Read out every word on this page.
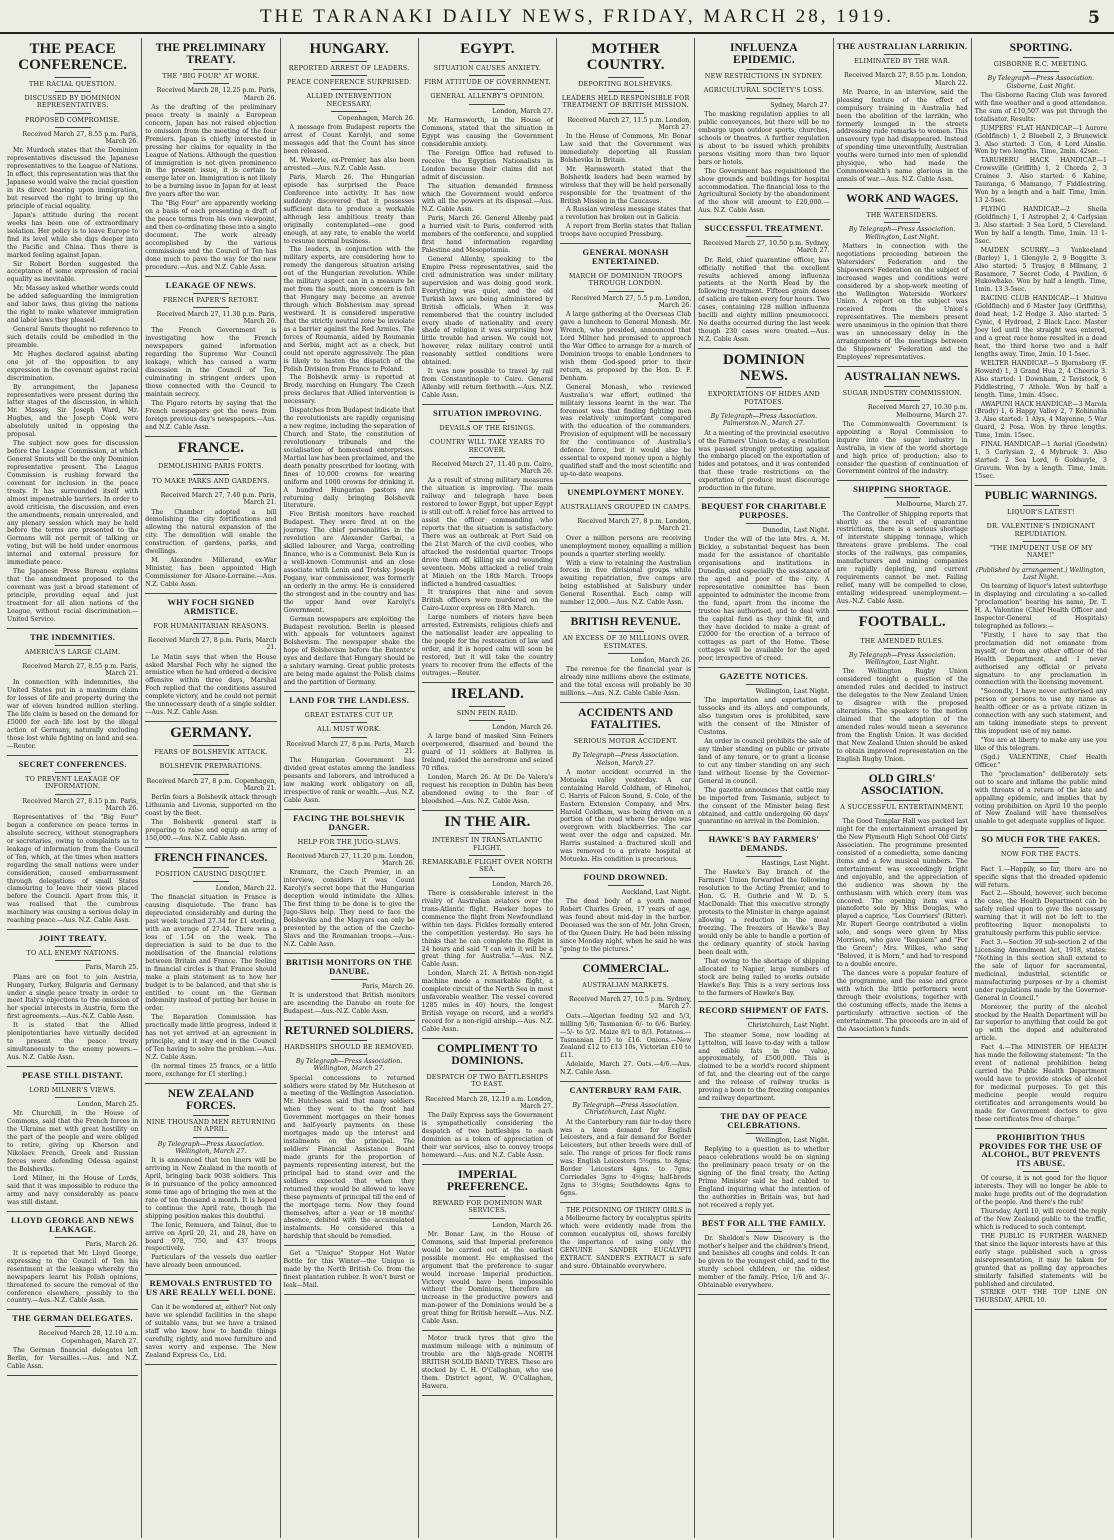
THE TARANAKI DAILY NEWS, FRIDAY, MARCH 28, 1919.	5
THE PEACE CONFERENCE.
THE RACIAL QUESTION.
DISCUSSED BY DOMINION REPRESENTATIVES.
PROPOSED COMPROMISE.
Received March 27, 8.55 p.m. Paris, March 26.

Mr. Murdoch states that the Dominion representatives discussed the Japanese representatives to the League of Nations. In effect, this representation was that the Japanese would waive the racial question in its direct bearing upon immigration, but reserved the right to bring up the principle of racial equality.

Japan's attitude during the recent weeks has been one of extraordinary isolation. Her policy is to leave Europe to find its level while she digs deeper into the Pacific and China. Thus there is marked feeling against Japan.

Sir Robert Borden suggested the acceptance of some expression of racial equality as inevitable.

Mr. Massey asked whether words could be added safeguarding the immigration and labor laws, thus giving the nations the right to make whatever immigration and labor laws they pleased.

General Smuts thought no reference to such details could be embodied in the preamble.

Mr. Hughes declared against abating one jot of the opposition to any expression in the covenant against racial discrimination.

By arrangement, the Japanese representatives were present during the latter stages of the discussion, in which Mr. Massey, Sir Joseph Ward, Mr. Hughes, and the Joseph Cook were absolutely united in opposing the proposal.

The subject now goes for discussion before the League Commission, at which General Smuts will be the only Dominion representative present. The League Commission is rushing forward the covenant for inclusion in the peace treaty. It has surrounded itself with almost impenetrable barriers. In order to avoid criticism, the discussion, and even the amendments, remain unrevealed, and any plenary session which may be held before the terms are presented to the Germans will not permit of talking or voting, but will be held under enormous internal and external pressure for immediate peace.

The Japanese Press Bureau explains that the amendment proposed to the covenant was just a broad statement of principle, providing equal and just treatment for all alien nations of the League, without racial discrimination.—United Service.

THE INDEMNITIES.
AMERICA'S LARGE CLAIM.
Received March 27, 8.55 p.m. Paris, March 21.

In connection with indemnities, the United States put in a maximum claim for losses of life and property during the war of eleven hundred million sterling. The life claim is based on the demand for £5000 for each life lost by the illegal action of Germany, naturally excluding those lost while fighting on land and sea.—Reuter.

SECRET CONFERENCES.
TO PREVENT LEAKAGE OF INFORMATION.
Received March 27, 8.15 p.m. Paris, March 26.

Representatives of the "Big Four" began a conference on peace terms in absolute secrecy, without stenographers or secretaries, owing to complaints as to leakage of information from the Council of Ten, which, at the times when matters regarding the small nations were under consideration, caused embarrassment through delegations of small States clamouring to leave their views placed before the Council. Apart from this, it was realised that the cumbrous machinery was causing a serious delay in reaching peace.—Aus. N.Z. Cable Assn.

JOINT TREATY.
TO ALL ENEMY NATIONS.
Paris, March 25.

Plans are on foot to join Austria, Hungary, Turkey, Bulgaria and Germany under a single peace treaty in order to meet Italy's objections to the omission of her special interests in Austria, form the first agreements.—Aus.-N.Z. Cable Assn.

It is stated that the Allied plenipotentiaries have virtually decided to present the peace treaty simultaneously to the enemy powers.—Aus. N.Z. Cable Assn.

PEASE STILL DISTANT.
LORD MILNER'S VIEWS.
London, March 25.

Mr. Churchill, in the House of Commons, said that the French forces in the Ukraine met with great hostility on the part of the people and were obliged to retire, giving up Kherson and Nikolaev. French, Greek and Russian forces were defending Odessa against the Bolsheviks.

Lord Milner, in the House of Lords, said that it was impossible to reduce the army and navy considerably as peace was still distant.

LLOYD GEORGE AND NEWS LEAKAGE.
Paris, March 26.

It is reported that Mr. Lloyd George, expressing to the Council of Ten his resentment at the leakage whereby the newspapers learnt his Polish opinions, threatened to secure the removal of the conference elsewhere, possibly to the country.—Aus.-N.Z. Cable Assn.

THE GERMAN DELEGATES.
Received March 28, 12.10 a.m. Copenhagen, March 27.

The German financial delegates left Berlin, for Versailles.—Aus. and N.Z. Cable Assn.

THE PRELIMINARY TREATY.
THE "BIG FOUR" AT WORK.
Received March 28, 12.25 p.m. Paris, March 26.

As the drafting of the preliminary peace treaty is mainly a European concern, Japan has not raised objection to omission from the meeting of the four Premiers. Japan is chiefly interested in pressing her claims for equality in the League of Nations. Although the question of immigration is not given prominence in the present issue, it is certain to emerge later on. Immigration is not likely to be a burning issue in Japan for at least five years after the war.

The "Big Four" are apparently working on a basis of each presenting a draft of the peace terms from his own viewpoint, and then co-ordinating these into a single document. The work already accomplished by the various commissions and the Council of Ten has done much to pave the way for the new procedure.—Aus. and N.Z. Cable Assn.

LEAKAGE OF NEWS.
FRENCH PAPER'S RETORT.
Received March 27, 11.30 p.m. Paris, March 26.

The French Government is investigating how the French newspapers gained information regarding the Supreme War Council leakage, which has caused a warm discussion in the Council of Ten, culminating in stringent orders upon those connected with the Council to maintain secrecy.

The Figaro retorts by saying that the French newspapers got the news from foreign previous day's newspapers.—Aus. and N.Z. Cable Assn.

FRANCE.
DEMOLISHING PARIS FORTS.
TO MAKE PARKS AND GARDENS.
Received March 27, 7.40 p.m. Paris, March 21.

The Chamber adopted a bill demolishing the city fortifications and allowing the natural expansion of the city. The demolition will enable the construction of gardens, parks, and dwellings.

M. Alexandre Millerand, ex-War Minister, has been appointed High Commissioner for Alsace-Lorraine.—Aus. N.Z. Cable Assn.

WHY FOCH SIGNED ARMISTICE.
FOR HUMANITARIAN REASONS.
Received March 27, 8 p.m. Paris, March 21.

Le Matin says that when the House asked Marshal Foch why he signed the armistice when he had ordered a decisive offensive within three days, Marshal Foch replied that the conditions assured complete victory, and he could not permit the unnecessary death of a single soldier.—Aus. N.Z. Cable Assn.

GERMANY.
FEARS OF BOLSHEVIK ATTACK.
BOLSHEVIK PREPARATIONS.
Received March 27, 8 p.m. Copenhagen, March 21.

Berlin fears a Bolshevik attack through Lithuania and Livonia, supported on the coast by the fleet.

The Bolshevik general staff is preparing to raise and equip an army of 150,000.—Aus. N.Z. Cable Assn.

FRENCH FINANCES.
POSITION CAUSING DISQUIET.
London, March 22.

The financial situation in France is causing disquietude. The franc has depreciated considerably and during the past week touched 27.34 for £1 sterling, with an average of 27.44. There was a loss of 1.54 on the week. The depreciation is said to be due to the mobilisation of the financial relations between Britain and France. The feeling in financial circles is that France should make a plain statement as to how her budget is to be balanced, and that she is entitled to count on the German indemnity instead of putting her house in order.

The Reparation Commission has practically made little progress, indeed it has not yet arrived at an agreement in principle, and it may end in the Council of Ten having to solve the problem.—Aus. N.Z. Cable Assn.

(In normal times 25 francs, or a little more, exchange for £1 sterling.)

NEW ZEALAND FORCES.
NINE THOUSAND MEN RETURNING IN APRIL.
By Telegraph—Press Association. Wellington, March 27.

It is announced that ten liners will be arriving in New Zealand in the month of April, bringing back 9038 soldiers. This is in pursuance of the policy announced some time ago of bringing the men at the rate of ten thousand a month. It is hoped to continue the April rate, though the shipping position makes this doubtful.

The Ionic, Remuera, and Tainui, due to arrive on April 20, 21, and 28, have on board 978, 750, and 437 troops respectively.

Particulars of the vessels due earlier have already been announced.

REMOVALS ENTRUSTED TO US ARE REALLY WELL DONE.

Can it be wondered at, either? Not only have we splendid facilities in the shape of suitable vans, but we have a trained staff who know how to handle things carefully, rightly, and move furniture and saves worry and expense. The New Zealand Express Co., Ltd.

HUNGARY.
REPORTED ARREST OF LEADERS.
PEACE CONFERENCE SURPRISED.
ALLIED INTERVENTION NECESSARY.
Copenhagen, March 26.

A message from Budapest reports the arrest of Count Karolyi, and some messages add that the Count has since been released.

M. Wekerle, ex-Premier, has also been arrested.—Aus. N.Z. Cable Assn.

Paris, March 26. The Hungarian episode has surprised the Peace Conference into activity. It has now suddenly discovered that it possesses sufficient data to produce a workable although less ambitious treaty than originally contemplated—one good enough, at any rate, to enable the world to resume normal business.

The leaders, in conjunction with the military experts, are considering how to remedy the dangerous situation arising out of the Hungarian revolution. While the military aspect can in a measure be met from the south, more concern is felt that Hungary may become an avenue through which Bolshevism may spread westward. It is considered imperative that the strictly neutral zone be inviolate as a barrier against the Red Armies. The forces of Roumania, aided by Roumania and Serbia, might act as a check, but could not operate aggressively. The plan is likely to hasten the dispatch of the Polish Division from France to Poland.

The Bolshevik army is reported at Brody, marching on Hungary. The Czech press declares that Allied intervention is necessary.

Dispatches from Budapest indicate that the revolutionists are rapidly organising a new regime, including the separation of Church and State, the constitution of revolutionary tribunals and the socialisation of homestead enterprises. Martial law has been proclaimed, and the death penalty prescribed for looting, with fines of 10,000 crowns for wearing uniform and 1000 crowns for drinking it. A hundred Hungarian pastors are returning daily bringing Bolshevik literature.

Five British monitors have reached Budapest. They were fired at on the journey. The chief personalities in the revolution are Alexander Garbai, a skilled labourer, and Varga, controlling finance, who is a Communist. Bela Kun is a well-known Communist and an close associate with Lenin and Trotsky. Joseph Pogany, war commissioner, was formerly an orderly in the army. He is considered the strongest and in the country and has the upper hand over Karolyi's Government.

German newspapers are exploiting the Budapest revolution. Berlin is pleased with appeals for volunteers against Bolshevism. The newspaper shake the hope of Bolshevism before the Entente's eyes and declare that Hungary should be a salutary warning. Great public protests are being made against the Polish claims and the partition of Germany.

LAND FOR THE LANDLESS.
GREAT ESTATES CUT UP.
ALL MUST WORK.
Received March 27, 8 p.m. Paris, March 21.

The Hungarian Government has divided great estates among the landless peasants and laborers, and introduced a law making work obligatory on all, irrespective of rank or wealth.—Aus. N.Z. Cable Assn.

FACING THE BOLSHEVIK DANGER.
HELP FOR THE JUGO-SLAVS.
Received March 27, 11.20 p.m. London, March 26.

Kramarz, the Czech Premier, in an interview, considers it was Count Karolyi's secret hope that the Hungarian deception would intimidate the Allies. The first thing to be done is to give the Jugo-Slavs help. They need to face the Bolsheviks and the Magyars can only be prevented by the action of the Czecho-Slavs and the Roumanian troops.—Aus.-N.Z. Cable Assn.

BRITISH MONITORS ON THE DANUBE.
Paris, March 26.

It is understood that British monitors are ascending the Danube en route for Budapest.—Aus.-N.Z. Cable Assn.

RETURNED SOLDIERS.
HARDSHIPS SHOULD BE REMOVED.
By Telegraph—Press Association. Wellington, March 27.

Special concessions to returned soldiers were stated by Mr. Hutcheson at a meeting of the Wellington Association. Mr. Hutcheson said that many soldiers when they went to the front had Government mortgages on their homes and half-yearly payments on these mortgages made up the interest and instalments on the principal. The soldiers' Financial Assistance Board made grants for the proportion of payments representing interest, but the principal had to stand over and the soldiers expected that when they returned they would be allowed to leave these payments of principal till the end of the mortgage term. Now they found themselves, after a year or 18 months' absence, debited with the accumulated instalments. He considered this a hardship that should be remedied.

Get a "Unique" Stopper Hot Water Bottle for this Winter—the Unique is made by the North British Co. from the finest plantation rubber. It won't burst or leak—Mail.

EGYPT.
SITUATION CAUSES ANXIETY.
FIRM ATTITUDE OF GOVERNMENT.
GENERAL ALLENBY'S OPINION.
London, March 27.

Mr. Harmsworth, in the House of Commons, stated that the situation in Egypt was causing the Government considerable anxiety.

The Foreign Office had refused to receive the Egyptian Nationalists in London because their claims did not admit of discussion.

The situation demanded firmness which the Government would enforce with all the powers at its disposal.—Aus. N.Z. Cable Assn.

Paris, March 26. General Allenby paid a hurried visit to Paris, conferred with members of the conference, and supplied first hand information regarding Palestine and Mesopotamia.

General Allenby, speaking to the Empire Press representatives, said the civil administration was under military supervision and was doing good work. Everything was quiet, and the old Turkish laws are being administered by British officials. When it was remembered that the country included every shade of nationality and every shade of religion it was surprising how little trouble had arisen. We could not, however, relax military control until reasonably settled conditions were obtained.

It was now possible to travel by rail from Constantinople to Cairo. General Allenby will return forthwith.—Aus. N.Z. Cable Assn.

SITUATION IMPROVING.
DEVAILS OF THE RISINGS.
COUNTRY WILL TAKE YEARS TO RECOVER.
Received March 27, 11.40 p.m. Cairo, March 26.

As a result of strong military measures the situation is improving. The main railway and telegraph have been restored to lower Egypt, but upper Egypt is still cut off. A relief force has arrived to assist the officer commanding who reports that the situation is satisfactory. There was an outbreak at Port Said on the 21st March of the civil coolies, who attacked the residential quarter. Troops drove them off, killing six and wounding seventeen. Mobs attacked a relief train at Minieh on the 18th March. Troops inflicted a hundred casualties.

It transpires that nine and seven British officers were murdered on the Cairo-Luxor express on 18th March.

Large numbers of rioters have been arrested. Extremists, religious chiefs and the nationalist leader are appealing to the people for the restoration of law and order, and it is hoped calm will soon be restored, but it will take the country years to recover from the effects of the outrages.—Reuter.

IRELAND.
SINN FEIN RAID.
London, March 26.

A large band of masked Sinn Feiners overpowered, disarmed and bound the guard of 11 soldiers at Ballyrea in Ireland, raided the aerodrome and seized 70 rifles.

London, March 26. At Dr. De Valera's request his reception in Dublin has been abandoned owing to the fear of bloodshed.—Aus. N.Z. Cable Assn.

IN THE AIR.
INTEREST IN TRANSATLANTIC FLIGHT.
REMARKABLE FLIGHT OVER NORTH SEA.
London, March 26.

There is considerable interest in the rivalry of Australian aviators over the trans-Atlantic flight. Hawker hopes to commence the flight from Newfoundland within ten days. Pickles formally entered the competition yesterday. He says he thinks that he can complete the flight in 24 hours and said "I can win it will be a great thing for Australia."—Aus. N.Z. Cable Assn.

London, March 21. A British non-rigid machine made a remarkable flight, a complete circuit of the North Sea in most unfavorable weather. The vessel covered 1285 miles in 40) hours, the longest British voyage on record, and a world's record for a non-rigid airship.—Aus. N.Z. Cable Assn.

COMPLIMENT TO DOMINIONS.
DESPATCH OF TWO BATTLESHIPS TO EAST.
Received March 28, 12.10 a.m. London, March 27.

The Daily Express says the Government is sympathetically considering the despatch of two battleships to each dominion as a token of appreciation of their war services, also to convey troops homeward.—Aus. and N.Z. Cable Assn.

IMPERIAL PREFERENCE.
REWARD FOR DOMINION WAR SERVICES.
London, March 26.

Mr. Bonar Law, in the House of Commons, said that Imperial preference would be carried out at the earliest possible moment. He emphasised the argument that the preference to sugar would increase Imperial production. Victory would have been impossible without the Dominions, therefore an increase in the productive powers and man-power of the Dominions would be a great thing for British herself.—Aus. N.Z. Cable Assn.

Motor truck tyres that give the maximum mileage with a minimum of trouble are the high-grade NORTH BRITISH SOLID BAND TYRES. These are stocked by C. H. O'Callaghan, who use them. District agent, W. O'Callaghan, Hawera.

MOTHER COUNTRY.
DEPORTING BOLSHEVIKS.
LEADERS HELD RESPONSIBLE FOR TREATMENT OF BRITISH MISSION.
Received March 27, 11.5 p.m. London, March 27.

In the House of Commons, Mr. Bonar Law said that the Government was immediately deporting all Russian Bolsheviks in Britain.

Mr. Harmsworth stated that the Bolshevik leaders had been warned by wireless that they will be held personally responsible for the treatment of the British Mission in the Caucasus.

A Russian wireless message states that a revolution has broken out in Galicia.

A report from Berlin states that Italian troops have occupied Pressburg.

GENERAL MONASH ENTERTAINED.
MARCH OF DOMINION TROOPS THROUGH LONDON.
Received March 27, 5.5 p.m. London, March 26.

A large gathering at the Overseas Club gave a luncheon to General Monash. Mr. Wrench, who presided, announced that Lord Milner had promised to approach the War Office to arrange for a march of Dominion troops to enable Londoners to wish them God-speed prior to their return, as proposed by the Hon. D. F. Denham.

General Monash, who reviewed Australia's war effort, outlined the military lessons learnt in the war. The foremost was that finding fighting men was relatively unimportant compared with the education of the commanders. Provision of equipment will be necessary for the continuance of Australia's defence force, but it would also be essential to expend money upon a highly qualified staff and the most scientific and up-to-date weapons.

UNEMPLOYMENT MONEY.
AUSTRALIANS GROUPED IN CAMPS.
Received March 27, 8 p.m. London, March 21.

Over a million persons are receiving unemployment money, equalling a million pounds a quarter sterling weekly.

With a view to retaining the Australian forces in five divisional groups while awaiting repatriation, five camps are being established at Salisbury under General Rosenthal. Each camp will number 12,000.—Aus. N.Z. Cable Assn.

BRITISH REVENUE.
AN EXCESS OF 30 MILLIONS OVER ESTIMATES.
London, March 26.

The revenue for the financial year is already nine millions above the estimate, and the total excess will probably be 30 millions.—Aus. N.Z. Cable Cable Assn.

ACCIDENTS AND FATALITIES.
SERIOUS MOTOR ACCIDENT.
By Telegraph—Press Association. Nelson, March 27.

A motor accident occurred in the Motueka valley yesterday. A car containing Harold Coldham, of Hinehoi, C. Harris of Falcon Sound, S. Cole, of the Eastern Extension Company, and Mrs. Harold Coldham, was being driven on a portion of the road where the edge was overgrown with blackberries. The car went over the edge and capsized. Mr. Harris sustained a fractured skull and was removed to a private hospital at Motueka. His condition is precarious.

FOUND DROWNED.
Auckland, Last Night.

The dead body of a youth named Robert Charles Green, 17 years of age, was found about mid-day in the harbor. Deceased was the son of Mr. John Green, of the Queen Dairy. He had been missing since Monday night, when he said he was "going to the pictures."

COMMERCIAL.
AUSTRALIAN MARKETS.
Received March 27, 10.5 p.m. Sydney, March 27.

Oats.—Algerian feeding 5/2 and 5/3, milling 5/6; Tasmanian 6/- to 6/6. Barley.—5/- to 5/2. Maize 8/1 to 8/3. Potatoes.—Tasmanian £15 to £16. Onions.—New Zealand £12 to £13 10s, Victorian £10 to £11.

Adelaide, March 27. Oats.—4/6.—Aus. N.Z. Cable Assn.

CANTERBURY RAM FAIR.
By Telegraph—Press Association. Christchurch, Last Night.

At the Canterbury ram fair to-day there was a keen demand for English Leicesters, and a fair demand for Border Leicesters, but other breeds were dull of sale. The range of prices for flock rams was: English Leicesters 5½gns. to 8gns; Border Leicesters 4gns. to 7gns; Corriedales 3gns to 4½gns; half-breds 2gns to 3½gns; Southdowns 4gns to 6gns.

THE POISONING OF THIRTY GIRLS in a Melbourne factory by eucalyptus spirits which were evidently made from the common eucalyptus oil, shows forcibly the importance of using only the GENUINE SANDER EUCALYPTI EXTRACT. SANDER'S EXTRACT is safe and sure. Obtainable everywhere.

INFLUENZA EPIDEMIC.
NEW RESTRICTIONS IN SYDNEY.
AGRICULTURAL SOCIETY'S LOSS.
Sydney, March 27.

The masking regulation applies to all public conveyances, but there will be no embargo upon outdoor sports, churches, schools or theatres. A further regulation is about to be issued which prohibits persons visiting more than two liquor bars or hotels.

The Government has requisitioned the show grounds and buildings for hospital accommodation. The financial loss to the Agricultural Society by the abandonment of the show will amount to £20,000.—Aus. N.Z. Cable Assn.

SUCCESSFUL TREATMENT.
Received March 27, 10.50 p.m. Sydney, March 27.

Dr. Reid, chief quarantine officer, has officially notified that the excellent results achieved among influenza patients at the North Head by the following treatment. Fifteen grain doses of salicin are taken every four hours. Two cases, containing 128 million influenza bacilli and eighty million pneumococci. No deaths occurred during the last week though 230 cases were treated.—Aus. N.Z. Cable Assn.

DOMINION NEWS.
EXPORTATIONS OF HIDES AND POTATOES.
By Telegraph—Press Association. Palmerston N., March 27.

At a meeting of the provincial executive of the Farmers' Union to-day, a resolution was passed strongly protesting against the embargo placed on the exportation of hides and potatoes, and it was contended that these trade restrictions on the exportation of produce must discourage production in the future.

BEQUEST FOR CHARITABLE PURPOSES.
Dunedin, Last Night.

Under the will of the late Mrs. A. M. Bickley, a substantial bequest has been made for the assistance of charitable organisations and institutions in Dunedin, and especially the assistance of the aged and poor of the city. A representative committee has been appointed to administer the income from the fund, apart from the income the trustee has authorised, and to deal with the capital fund as they think fit, and they have decided to make a grant of £2000 for the erection of a terrace of cottages as part of the Home. These cottages will be available for the aged poor, irrespective of creed.

GAZETTE NOTICES.
Wellington, Last Night.

The importation and exportation of tussocks and its alloys and compounds, also tungsten ores is prohibited, save with the consent of the Minister of Customs.

An order in council prohibits the sale of any timber standing on public or private land of any tenure, or to grant a license to cut any timber standing on any such land without license by the Governor-General in council.

The gazette announces that cattle may be imported from Tasmania, subject to the consent of the Minister being first obtained, and cattle undergoing 60 days' quarantine on arrival in the Dominion.

HAWKE'S BAY FARMERS' DEMANDS.
Hastings, Last Night.

The Hawke's Bay branch of the Farmers' Union forwarded the following resolution to the Acting Premier, and to Hon. G. H. Guthrie and W. D. S. MacDonald: That this executive strongly protests to the Minister in charge against allowing a reduction in the meat freezing. The freezers of Hawke's Bay would only be able to handle a portion of the ordinary quantity of stock having been dealt with.

That owing to the shortage of shipping allocated to Napier, large numbers of stock are being railed to works outside Hawke's Bay. This is a very serious loss to the farmers of Hawke's Bay.

RECORD SHIPMENT OF FATS.
Christchurch, Last Night.

The steamer Some, now loading at Lyttelton, will leave to-day with a tallow and edible fats in the value, approximately, of £500,000. This is claimed to be a world's record shipment of fat, and the clearing out of the cargo and the release of railway trucks is proving a boon to the freezing companies and railway department.

THE DAY OF PEACE CELEBRATIONS.
Wellington, Last Night.

Replying to a question as to whether peace celebrations would be on signing the preliminary peace treaty or on the signing of the final treaty, the Acting Prime Minister said he had cabled to England inquiring what the intention of the authorities in Britain was, but had not received a reply yet.

BEST FOR ALL THE FAMILY.

Dr. Sheldon's New Discovery is the mother's helper and the children's friend, and banishes all coughs and colds. It can be given to the youngest child, and to the sturdy school children, or the oldest member of the family. Price, 1/6 and 3/-. Obtainable everywhere.

THE AUSTRALIAN LARRIKIN.
ELIMINATED BY THE WAR.
Received March 27, 8.55 p.m. London, March 22.

Mr. Pearce, in an interview, said the pleasing feature of the effect of compulsory training in Australia had been the abolition of the larrikin, who formerly lounged in the streets addressing rude remarks to women. This unsavoury type had disappeared. Instead of spending time uneventfully, Australian youths were turned into men of splendid physique, who had made the Commonwealth's name glorious in the annals of war.—Aus. N.Z. Cable Assn.

WORK AND WAGES.
THE WATERSIDERS.
By Telegraph—Press Association. Wellington, Last Night.

Matters in connection with the negotiations proceeding between the Watersiders' Federation and the Shipowners' Federation on the subject of increased wages and conditions were considered by a shop-work meeting of the Wellington Waterside Workers' Union. A report on the subject was received from the Union's representatives. The members present were unanimous in the opinion that there was an unnecessary delay in the arrangements of the meetings between the Shipowners' Federation and the Employees' representatives.

AUSTRALIAN NEWS.
SUGAR INDUSTRY COMMISSION.
Received March 27, 10.30 p.m. Melbourne, March 27.

The Commonwealth Government is appointing a Royal Commission to inquire into the sugar industry in Australia, in view of the world shortage and high price of production; also to consider the question of continuation of Government control of the industry.

SHIPPING SHORTAGE.
Melbourne, March 27.

The Controller of Shipping reports that shortly as the result of quarantine restrictions, there is a serious shortage of interstate shipping tonnage, which threatens grave problems. The coal stocks of the railways, gas companies, manufacturers and mining companies are rapidly depleting, and current requirements cannot be met. Failing relief, many will be compelled to close, entailing widespread unemployment.—Aus.-N.Z. Cable Assn.

FOOTBALL.
THE AMENDED RULES.
By Telegraph—Press Association. Wellington, Last Night.

The Wellington Rugby Union considered tonight a question of the amended rules and decided to instruct the delegates to the New Zealand Union to disagree with the proposed alterations. The speakers to the motion claimed that the adoption of the amended rules would mean a severance from the English Union. It was decided that New Zealand Union should be asked to obtain improved representation on the English Rugby Union.

OLD GIRLS' ASSOCIATION.
A SUCCESSFUL ENTERTAINMENT.

The Good Templar Hall was packed last night for the entertainment arranged by the New Plymouth High School Old Girls' Association. The programme presented consisted of a comedietta, some dancing items and a few musical numbers. The entertainment was exceedingly bright and enjoyable, and the appreciation of the audience was shown by the enthusiasm with which every item was encored. The opening item was a pianoforte solo by Miss Douglas, who played a caprice, "Les Courriers" (Ritter). Mr. Rupert George contributed a violin solo, and songs were given by Miss Morrison, who gave "Requiem" and "For the Green"; Mrs. Wilkes, who sang "Beloved, it is Morn," and had to respond to a double encore.

The dances were a popular feature of the programme, and the ease and grace with which the little performers went through their evolutions, together with the costuming effects, made the items a particularly attractive section of the entertainment. The proceeds are in aid of the Association's funds.

SPORTING.
GISBORNE R.C. MEETING.
By Telegraph—Press Association. Gisborne, Last Night.

The Gisborne Racing Club was favored with fine weather and a good attendance. The sum of £10,507 was put through the totalisator. Results:

JUMPERS' FLAT HANDICAP.—1 Aurore (Goldfinch) 1, 2 Bluebell 2, 3 Brunewick 3. Also started: 3 Con, 4 Lord Ainslie. Won by two lengths. Time, 2min. 42sec.

TARUHERU HACK HANDICAP.—1 Crowsville (Griffith) 1, 2 Chorda 2, 3 Crainee 3. Also started: 6 Kahine, Tauranga, 6 Mamango, 7 Fiddlestring. Won by a length and a half. Time, 1min. 13 2-5sec.

FLYING HANDICAP.—2 Sheila (Goldfinch) 1, 1 Astrophel 2, 4 Carlysian 3. Also started: 3 Sea Lord, 5 Cleveland. Won by half a length. Time, 1min. 13 1-5sec.

MAIDEN SCURRY.—3 Yankeeland (Barley) 1, 1 Glengyle 2, 9 Boggitte 3. Also started: 5 Trasjoy, 8 Mllmany, 2 Rasamore, 7 Secret Code, 4 Pavilion, 6 Hukowhako. Won by half a length. Time, 1min. 13 3-5sec.

RACING CLUB HANDICAP.—1 Multive (Goldfinch) and 6 Master Jaey (Griffiths), dead heat, 1-2 Hodge 3. Also started: 5 Cynic, 4 Hydroad, 2 Black Lace. Master Joey led until the straight was entered, and a great race home resulted in a dead heat, the third horse two and a half lengths away. Time, 2min. 10 1-5sec.

WELTER HANDICAP.—5 Bjornsborg (F. Howard) 1, 3 Grand Hua 2, 4 Cheerio 3. Also started: 1 Downham, 2 Tavistock, 6 Fiddlestring, 7 Athole. Won by half a length. Time, 1min. 45sec.

AWAPUNI HACK HANDICAP.—3 Marola (Brady) 1, 6 Happy Valley 2, 7 Kohinahia 3. Also started: 1 Alys, 4 Mayenne, 5 War Guard, 2 Posa. Won by three lengths. Time, 1min. 15sec.

FINAL HANDICAP.—1 Aerial (Goodwin) 1, 5 Carlysian 2, 4 Mybruck 3. Also started: 2 Sea Lord, 6 Goldsuyle, 3 Gravum. Won by a length. Time, 1min. 15sec.

PUBLIC WARNINGS.
LIQUOR'S LATEST!
DR. VALENTINE'S INDIGNANT REPUDIATION.
"THE IMPUDENT USE OF MY NAME!"
(Published by arrangement.) Wellington, Last Night.

On learning of liquor's latest subterfuge in displaying and circulating a so-called "proclamation" bearing his name, Dr. T. H. A. Valentine (Chief Health Officer and Inspector-General of Hospitals) telegraphed as follows:—

"Firstly, I have to say that the proclamation did not emanate from myself, or from any other officer of the Health Department, and I never authorised any official or private signature to any proclamation in connection with the licensing movement.

"Secondly, I have never authorised any person or persons to use my name as health officer or as a private citizen in connection with any such statement, and am taking immediate steps to prevent this impudent use of my name.

"You are at liberty to make any use you like of this telegram.

(Sgd.) VALENTINE, Chief Health Officer."

The "proclamation" deliberately sets out to scare and inflame the public mind with threats of a return of the late and appalling epidemic, and implies that by voting prohibition on April 10 the people of New Zealand will have themselves unable to get adequate supplies of liquor.

SO MUCH FOR THE FAKES.
NOW FOR THE FACTS.

Fact 1.—Happily, so far, there are no specific signs that the dreaded epidemic will return.

Fact 2.—Should, however, such become the case, the Health Department can be safely relied upon to give the necessary warning that it will not be left to the profiteering liquor monopolists to gratuitously perform this public service.

Fact 3.—Section 39 sub-section 2 of the Licensing Amendment Act, 1918, states: "Nothing in this section shall extend to the sale of liquor for sacramental, medicinal, industrial, scientific or manufacturing purposes or by a chemist under regulations made by the Governor-General in Council."

Moreover, the purity of the alcohol stocked by the Health Department will be far superior to anything that could be got up with the doped and adulterated article.

Fact 4.—The MINISTER OF HEALTH has made the following statement: "In the event of national prohibition being carried the Public Health Department would have to provide stocks of alcohol for medicinal purposes. To get this medicine people would require certificates and arrangements would be made for Government doctors to give these certificates free of charge."

PROHIBITION THUS PROVIDES FOR THE USE OF ALCOHOL, BUT PREVENTS ITS ABUSE.

Of course, it is not good for the liquor interests. They will no longer be able to make huge profits out of the degradation of the people. And there's the rub!

Thursday, April 10, will record the reply of the New Zealand public to the traffic, which is reduced to such contempt.

THE PUBLIC IS FURTHER WARNED that since the liquor interests have at this early stage published such a gross misrepresentation, it may be taken for granted that as polling day approaches similarly falsified statements will be published and circulated.

STRIKE OUT THE TOP LINE ON THURSDAY, APRIL 10.
